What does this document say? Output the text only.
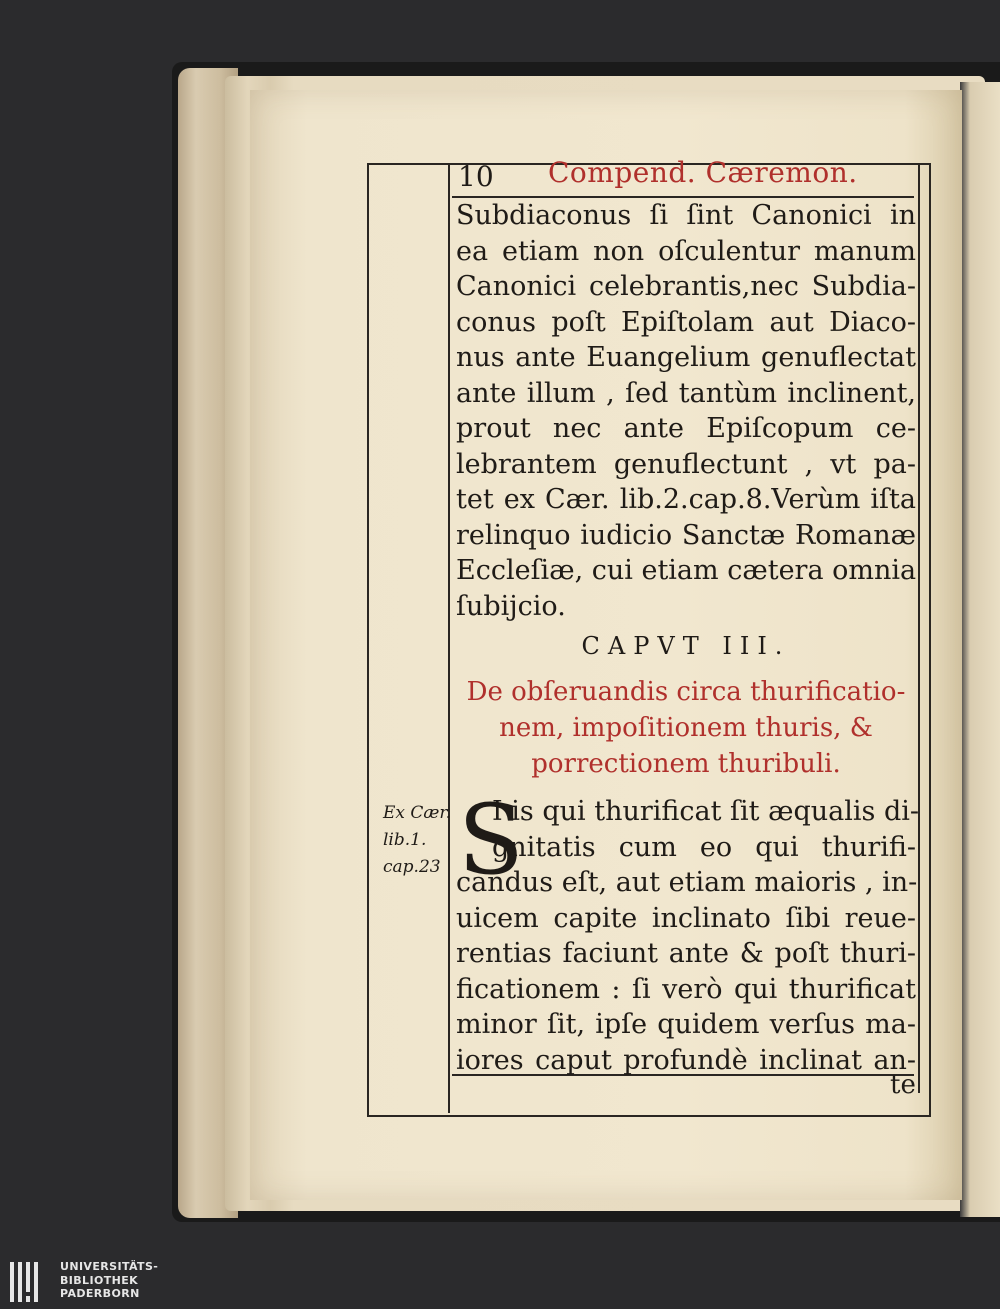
10 Compend. Cæremon.
Subdiaconus ſi ſint Canonici in
ea etiam non oſculentur manum
Canonici celebrantis,nec Subdia-
conus poſt Epiſtolam aut Diaco-
nus ante Euangelium genuflectat
ante illum , ſed tantùm inclinent,
prout nec ante Epiſcopum ce-
lebrantem genuflectunt , vt pa-
tet ex Cær. lib.2.cap.8.Verùm iſta
relinquo iudicio Sanctæ Romanæ
Eccleſiæ, cui etiam cætera omnia
ſubijcio.
CAPVT III.
De obſeruandis circa thurificatio-
nem, impoſitionem thuris, &
porrectionem thuribuli.
S
I is qui thurificat ſit æqualis di-
gnitatis cum eo qui thurifi-
candus eſt, aut etiam maioris , in-
uicem capite inclinato ſibi reue-
rentias faciunt ante & poſt thuri-
ficationem : ſi verò qui thurificat
minor ſit, ipſe quidem verſus ma-
iores caput profundè inclinat an-
Ex Cær.
lib.1.
cap.23
te
UNIVERSITÄTS-
BIBLIOTHEK
PADERBORN
